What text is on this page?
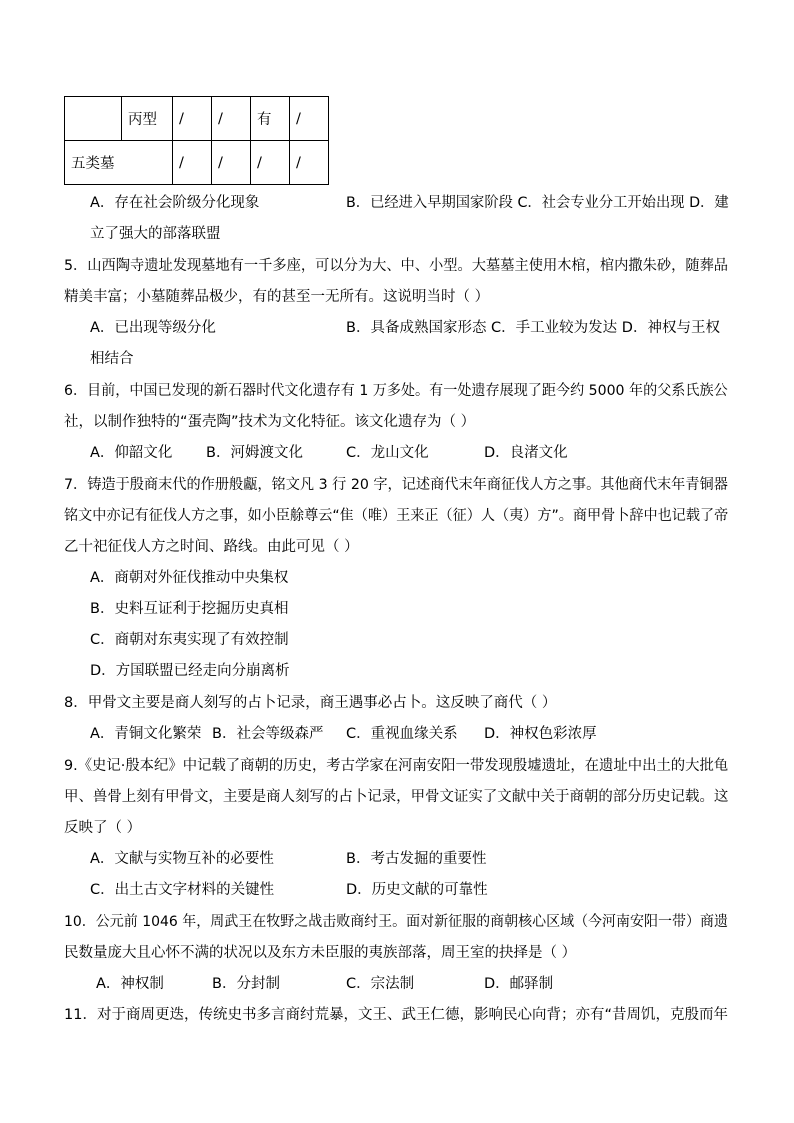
	丙型	/	/	有	/
五类墓		/	/	/	/
A．存在社会阶级分化现象	B．已经进入早期国家阶段 C．社会专业分工开始出现 D．建
立了强大的部落联盟
5．山西陶寺遗址发现墓地有一千多座，可以分为大、中、小型。大墓墓主使用木棺，棺内撒朱砂，随葬品
精美丰富；小墓随葬品极少，有的甚至一无所有。这说明当时（ ）
A．已出现等级分化	B．具备成熟国家形态 C．手工业较为发达 D．神权与王权
相结合
6．目前，中国已发现的新石器时代文化遗存有 1 万多处。有一处遗存展现了距今约 5000 年的父系氏族公
社，以制作独特的“蛋壳陶”技术为文化特征。该文化遗存为（ ）
A．仰韶文化 B．河姆渡文化	C．龙山文化	D．良渚文化
7．铸造于殷商末代的作册般甗，铭文凡 3 行 20 字，记述商代末年商征伐人方之事。其他商代末年青铜器
铭文中亦记有征伐人方之事，如小臣艅尊云“隹（唯）王来正（征）人（夷）方”。商甲骨卜辞中也记载了帝
乙十祀征伐人方之时间、路线。由此可见（ ）
A．商朝对外征伐推动中央集权
B．史料互证利于挖掘历史真相
C．商朝对东夷实现了有效控制
D．方国联盟已经走向分崩离析
8．甲骨文主要是商人刻写的占卜记录，商王遇事必占卜。这反映了商代（ ）
A．青铜文化繁荣 B．社会等级森严 C．重视血缘关系 D．神权色彩浓厚
9.《史记·殷本纪》中记载了商朝的历史，考古学家在河南安阳一带发现殷墟遗址，在遗址中出土的大批龟
甲、兽骨上刻有甲骨文，主要是商人刻写的占卜记录，甲骨文证实了文献中关于商朝的部分历史记载。这
反映了（ ）
A．文献与实物互补的必要性	B．考古发掘的重要性
C．出土古文字材料的关键性	D．历史文献的可靠性
10．公元前 1046 年，周武王在牧野之战击败商纣王。面对新征服的商朝核心区域（今河南安阳一带）商遗
民数量庞大且心怀不满的状况以及东方未臣服的夷族部落，周王室的抉择是（ ）
A．神权制	B．分封制	C．宗法制	D．邮驿制
11．对于商周更迭，传统史书多言商纣荒暴，文王、武王仁德，影响民心向背；亦有“昔周饥，克殷而年
